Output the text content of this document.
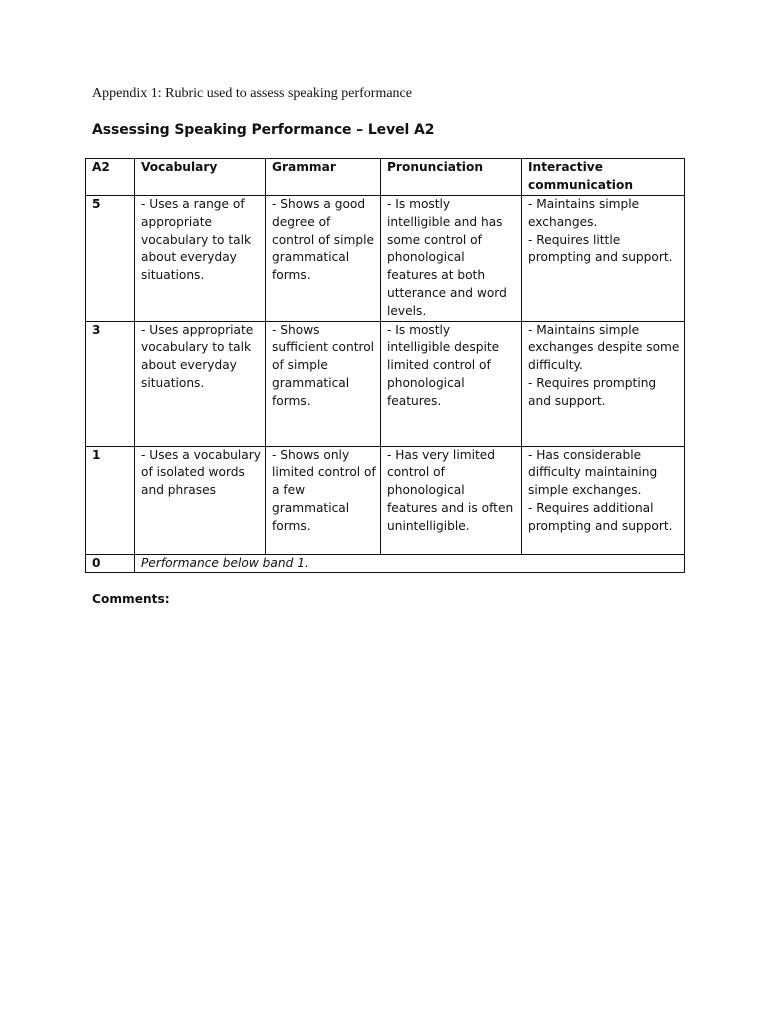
Appendix 1: Rubric used to assess speaking performance
Assessing Speaking Performance – Level A2
A2	Vocabulary	Grammar	Pronunciation	Interactive communication
5	- Uses a range of appropriate vocabulary to talk about everyday situations.	- Shows a good degree of control of simple grammatical forms.	- Is mostly intelligible and has some control of phonological features at both utterance and word levels.	- Maintains simple exchanges.
- Requires little prompting and support.

3	- Uses appropriate vocabulary to talk about everyday situations.	- Shows sufficient control of simple grammatical forms.	- Is mostly intelligible despite limited control of phonological features.	- Maintains simple exchanges despite some difficulty.
- Requires prompting and support.

1	- Uses a vocabulary of isolated words and phrases	- Shows only limited control of a few grammatical forms.	- Has very limited control of phonological features and is often unintelligible.	- Has considerable difficulty maintaining simple exchanges.
- Requires additional prompting and support.

0	Performance below band 1.			
Comments:
